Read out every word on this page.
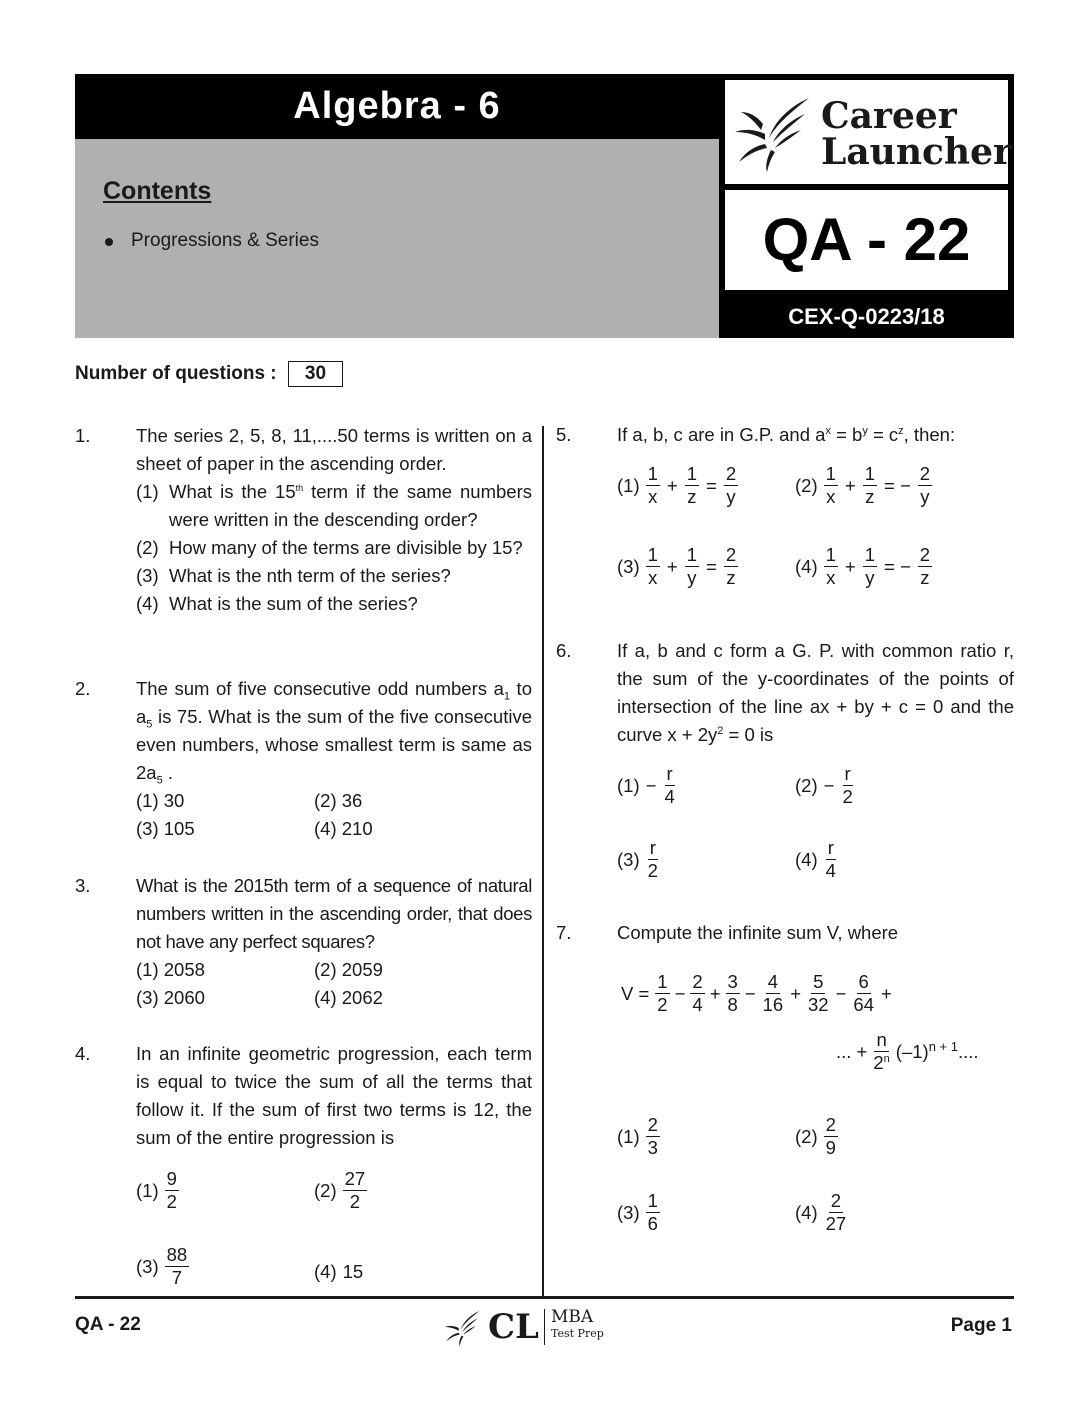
Algebra - 6
Contents
Progressions & Series
Career
Launcher
QA - 22
CEX-Q-0223/18
Number of questions : 30
1. The series 2, 5, 8, 11,....50 terms is written on a sheet of paper in the ascending order.
(1) What is the 15th term if the same numbers were written in the descending order?
(2) How many of the terms are divisible by 15?
(3) What is the nth term of the series?
(4) What is the sum of the series?
2. The sum of five consecutive odd numbers $a_1$ to $a_5$ is 75. What is the sum of the five consecutive even numbers, whose smallest term is same as $2a_5$ .
(1) 30	(2) 36
(3) 105	(4) 210
3. What is the 2015th term of a sequence of natural numbers written in the ascending order, that does not have any perfect squares?
(1) 2058	(2) 2059
(3) 2060	(4) 2062
4. In an infinite geometric progression, each term is equal to twice the sum of all the terms that follow it. If the sum of first two terms is 12, the sum of the entire progression is
$(1) \frac{9}{2}$	$(2) \frac{27}{2}$
$(3) \frac{88}{7}$	(4) 15
5. If a, b, c are in G.P. and $a^x = b^y = c^z$, then:
$(1) \frac{1}{x} + \frac{1}{z} = \frac{2}{y}$	$(2) \frac{1}{x} + \frac{1}{z}$ = − $\frac{2}{y}$
$(3) \frac{1}{x} + \frac{1}{y} = \frac{2}{z}$	$(4) \frac{1}{x} + \frac{1}{y}$ = − $\frac{2}{z}$
6. If a, b and c form a G. P. with common ratio r, the sum of the y-coordinates of the points of intersection of the line ax + by + c = 0 and the curve $x + 2y^2 = 0$ is
$(1) - \frac{r}{4}$	$(2) - \frac{r}{2}$
$(3) \frac{r}{2}$	$(4) \frac{r}{4}$
7. Compute the infinite sum V, where
$V = \frac{1}{2} - \frac{2}{4} + \frac{3}{8} - \frac{4}{16} + \frac{5}{32} - \frac{6}{64}$ +
... + $\frac{n}{2^n} (-1)^{n + 1}$....
$(1) \frac{2}{3}$	$(2) \frac{2}{9}$
$(3) \frac{1}{6}$	$(4) \frac{2}{27}$
QA - 22	CL MBA
Test Prep	Page 1
